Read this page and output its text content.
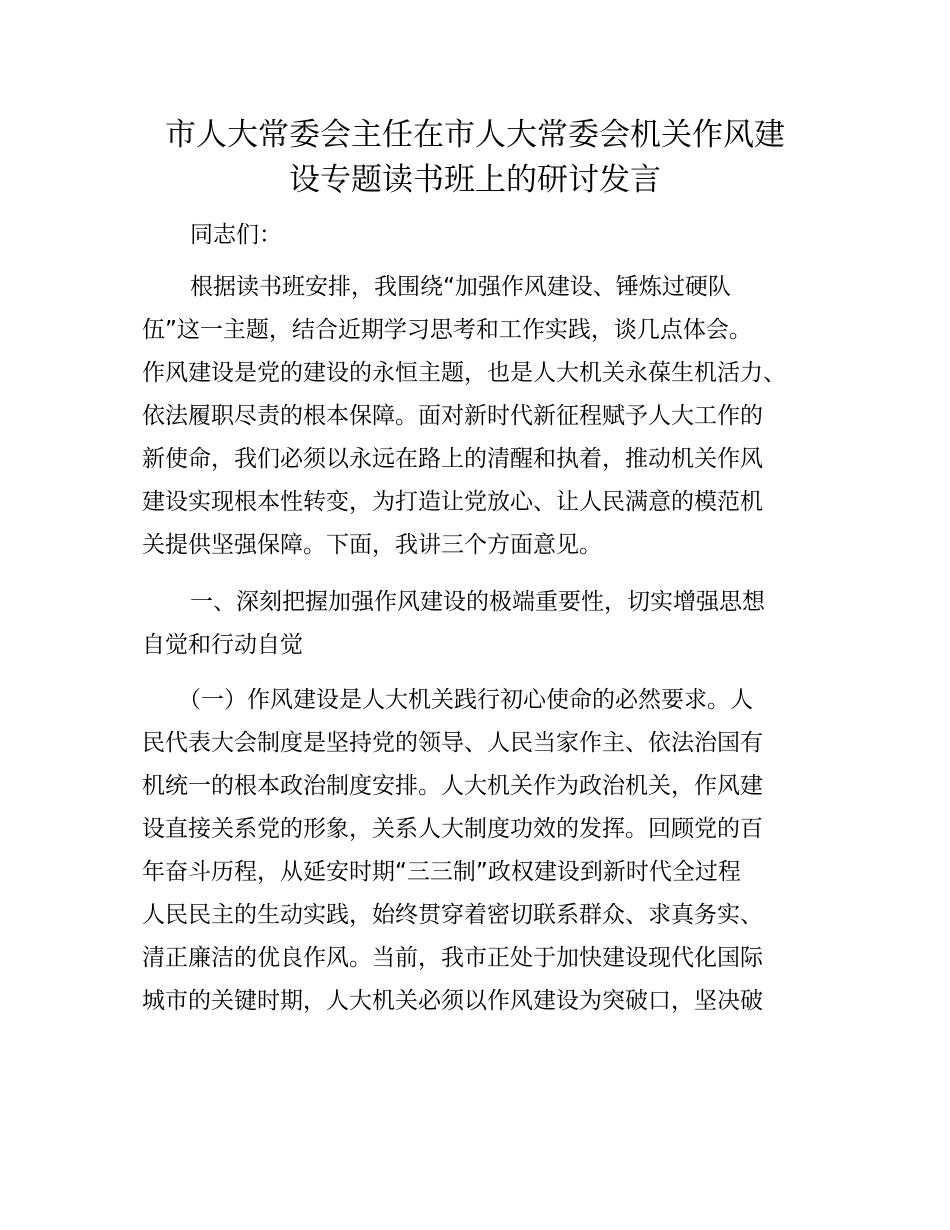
市人大常委会主任在市人大常委会机关作风建
设专题读书班上的研讨发言
同志们：
根据读书班安排，我围绕“加强作风建设、锤炼过硬队
伍”这一主题，结合近期学习思考和工作实践，谈几点体会。
作风建设是党的建设的永恒主题，也是人大机关永葆生机活力、
依法履职尽责的根本保障。面对新时代新征程赋予人大工作的
新使命，我们必须以永远在路上的清醒和执着，推动机关作风
建设实现根本性转变，为打造让党放心、让人民满意的模范机
关提供坚强保障。下面，我讲三个方面意见。
一、深刻把握加强作风建设的极端重要性，切实增强思想
自觉和行动自觉
（一）作风建设是人大机关践行初心使命的必然要求。人
民代表大会制度是坚持党的领导、人民当家作主、依法治国有
机统一的根本政治制度安排。人大机关作为政治机关，作风建
设直接关系党的形象，关系人大制度功效的发挥。回顾党的百
年奋斗历程，从延安时期“三三制”政权建设到新时代全过程
人民民主的生动实践，始终贯穿着密切联系群众、求真务实、
清正廉洁的优良作风。当前，我市正处于加快建设现代化国际
城市的关键时期，人大机关必须以作风建设为突破口，坚决破
